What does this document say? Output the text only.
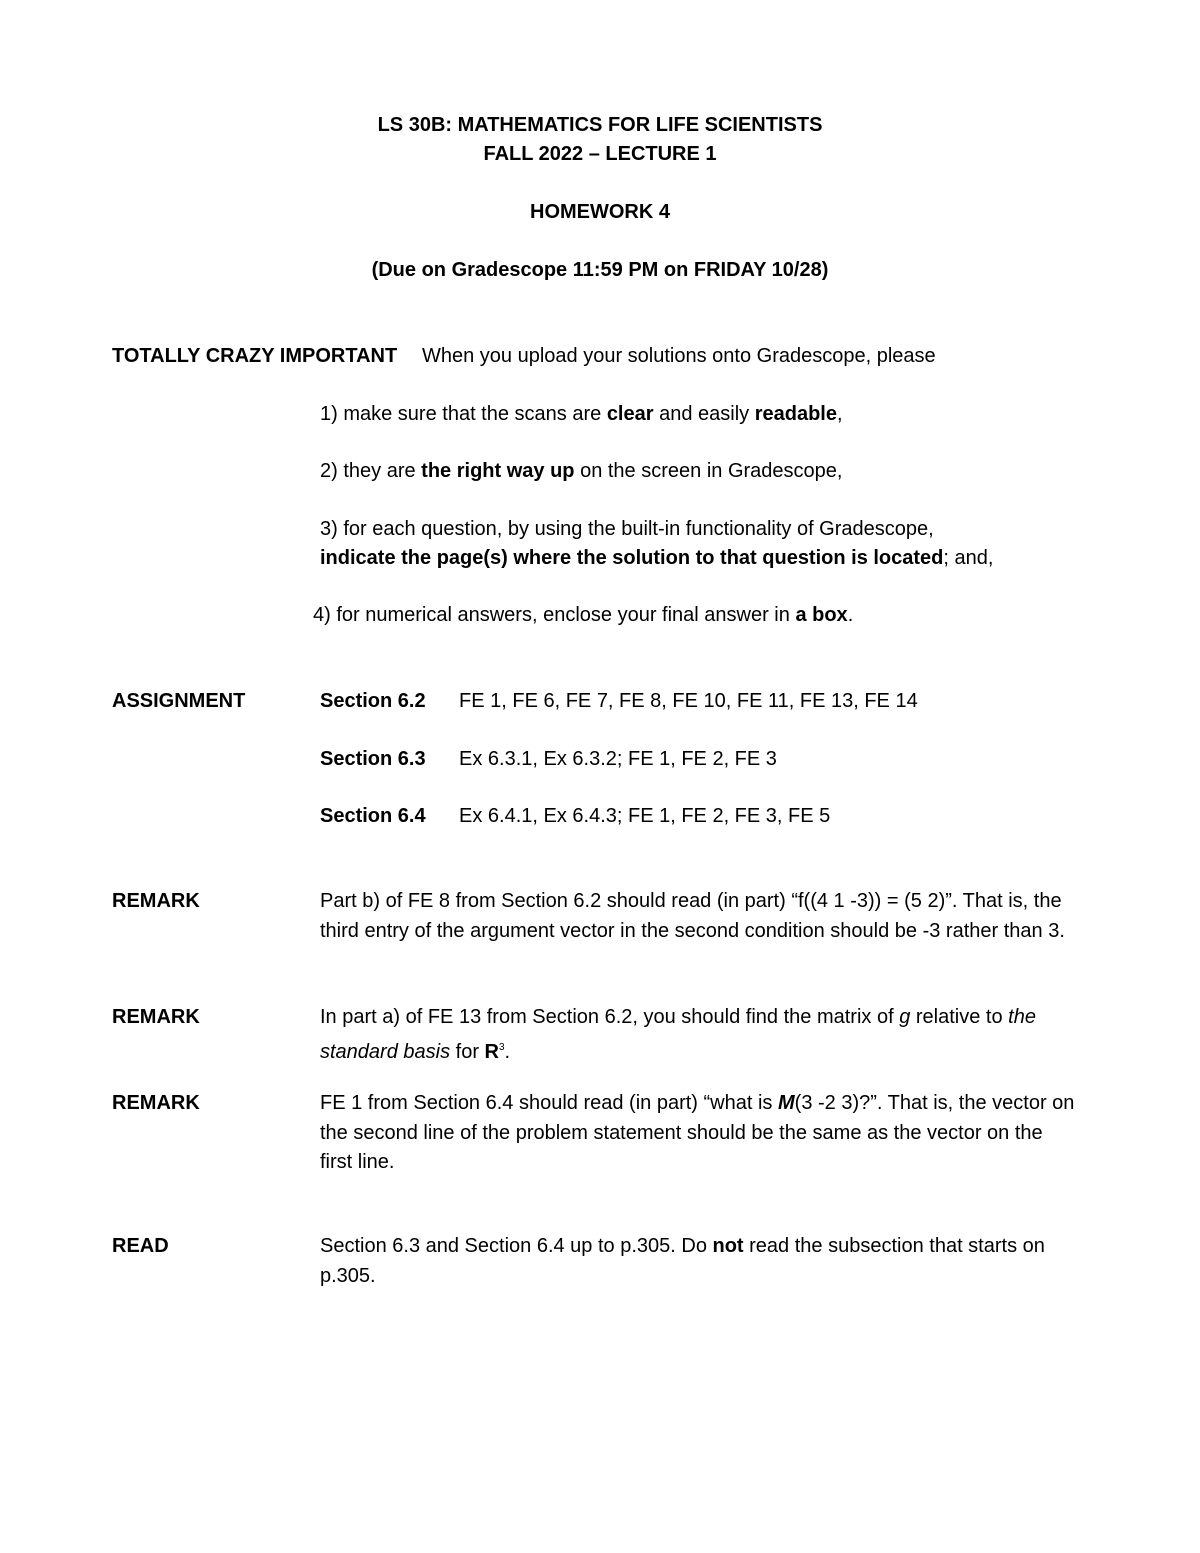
LS 30B: MATHEMATICS FOR LIFE SCIENTISTS
FALL 2022 – LECTURE 1
HOMEWORK 4
(Due on Gradescope 11:59 PM on FRIDAY 10/28)
TOTALLY CRAZY IMPORTANT When you upload your solutions onto Gradescope, please
1) make sure that the scans are clear and easily readable,
2) they are the right way up on the screen in Gradescope,
3) for each question, by using the built-in functionality of Gradescope,
indicate the page(s) where the solution to that question is located; and,
4) for numerical answers, enclose your final answer in a box.
ASSIGNMENT	Section 6.2 FE 1, FE 6, FE 7, FE 8, FE 10, FE 11, FE 13, FE 14
Section 6.3 Ex 6.3.1, Ex 6.3.2; FE 1, FE 2, FE 3
Section 6.4 Ex 6.4.1, Ex 6.4.3; FE 1, FE 2, FE 3, FE 5
REMARK	Part b) of FE 8 from Section 6.2 should read (in part) “f((4 1 -3)) = (5 2)”. That is, the third entry of the argument vector in the second condition should be -3 rather than 3.
REMARK	In part a) of FE 13 from Section 6.2, you should find the matrix of g relative to the standard basis for $R^3$.
REMARK	FE 1 from Section 6.4 should read (in part) “what is M(3 -2 3)?”. That is, the vector on the second line of the problem statement should be the same as the vector on the first line.
READ	Section 6.3 and Section 6.4 up to p.305. Do not read the subsection that starts on p.305.
